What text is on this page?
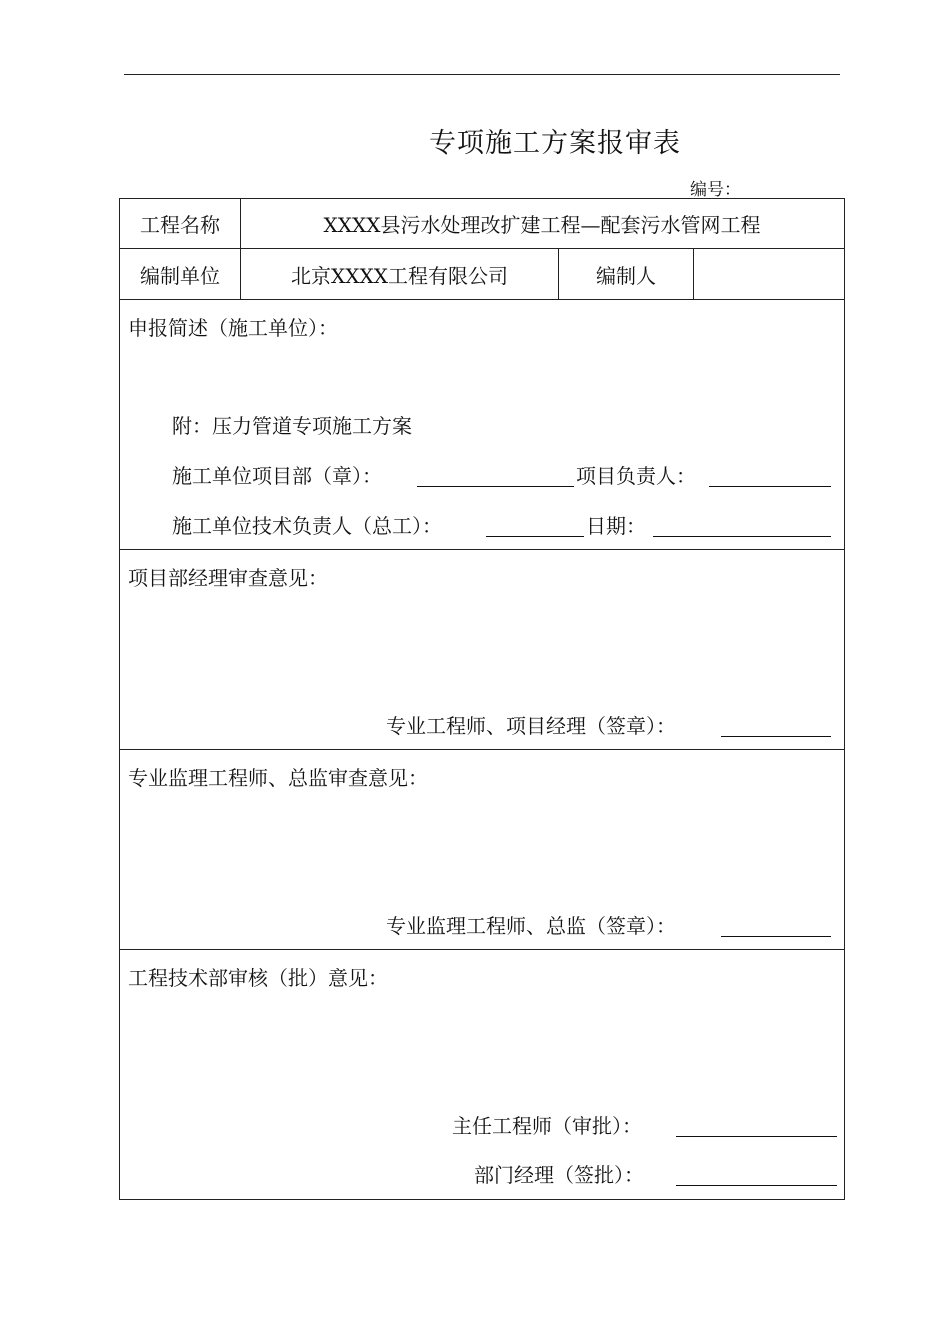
专项施工方案报审表
编号：
工程名称	XXXX县污水处理改扩建工程—配套污水管网工程
编制单位	北京XXXX工程有限公司	编制人
申报简述（施工单位）：
附：压力管道专项施工方案
施工单位项目部（章）：	项目负责人：
施工单位技术负责人（总工）：	日期：
项目部经理审查意见：
专业工程师、项目经理（签章）：
专业监理工程师、总监审查意见：
专业监理工程师、总监（签章）：
工程技术部审核（批）意见：
主任工程师（审批）：
部门经理（签批）：
